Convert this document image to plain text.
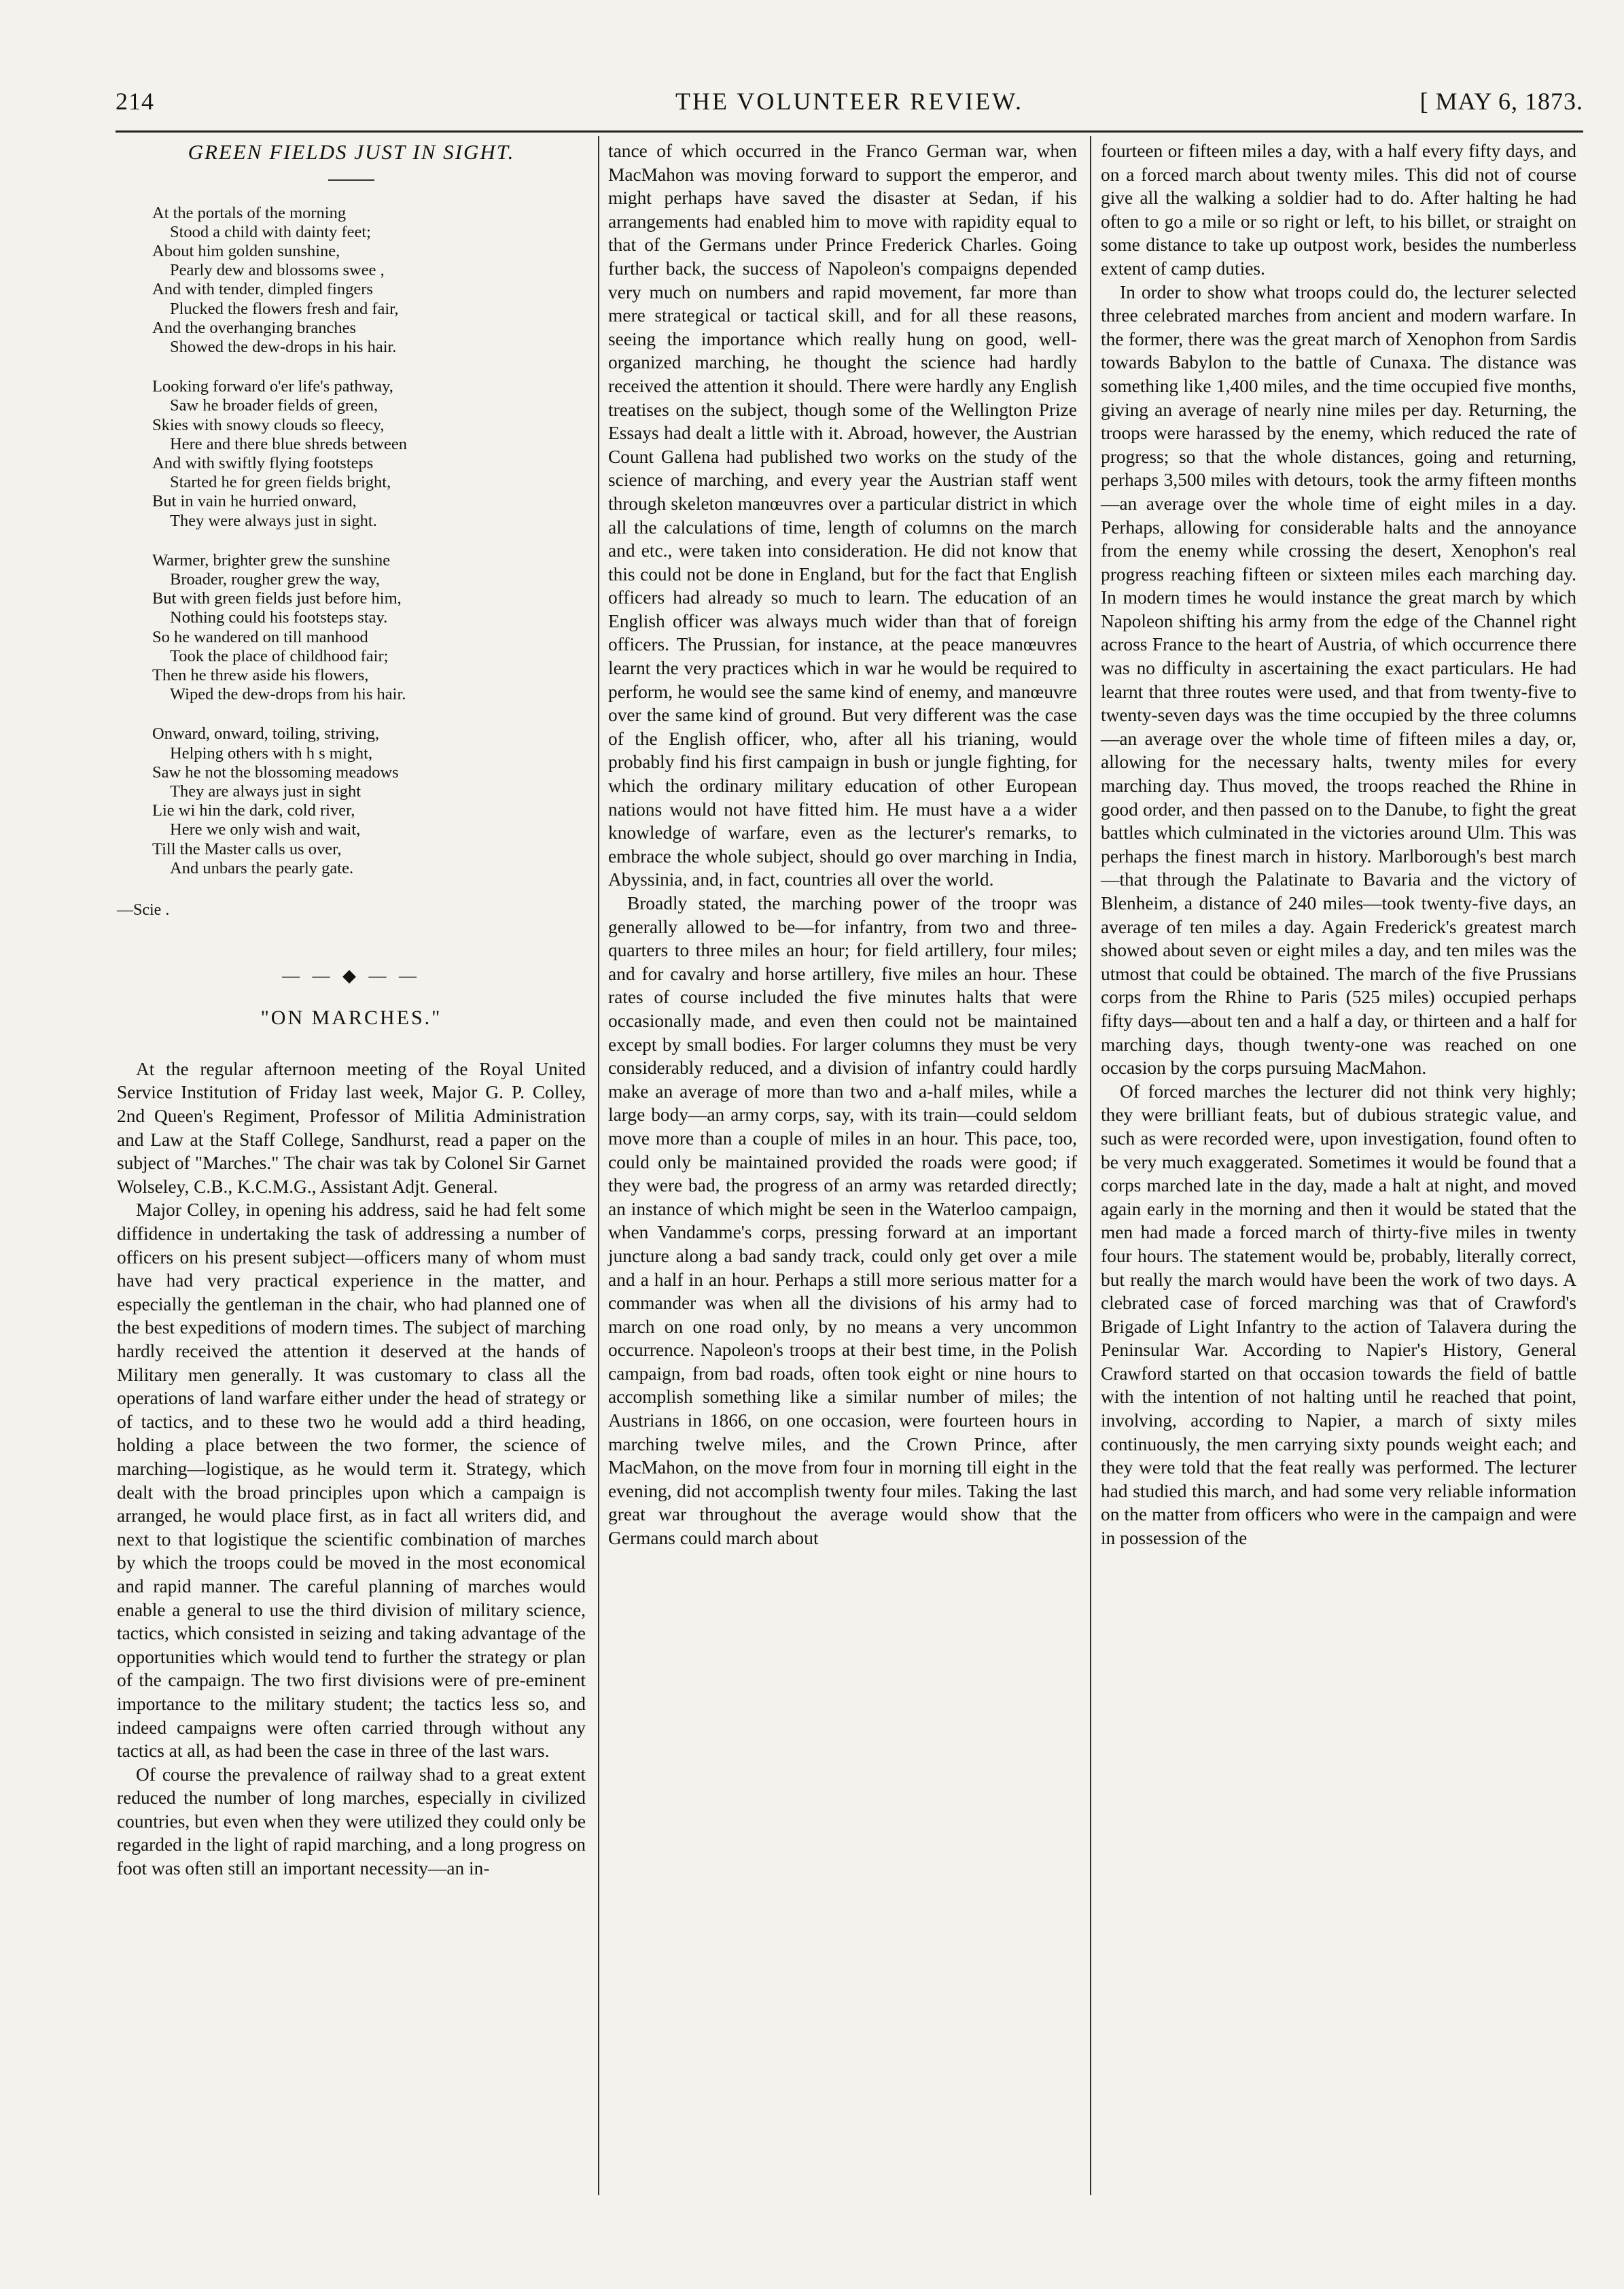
214	THE VOLUNTEER REVIEW.	[ MAY 6, 1873.
GREEN FIELDS JUST IN SIGHT.
At the portals of the morning
Stood a child with dainty feet;
About him golden sunshine,
Pearly dew and blossoms swee ,
And with tender, dimpled fingers
Plucked the flowers fresh and fair,
And the overhanging branches
Showed the dew-drops in his hair.
Looking forward o'er life's pathway,
Saw he broader fields of green,
Skies with snowy clouds so fleecy,
Here and there blue shreds between
And with swiftly flying footsteps
Started he for green fields bright,
But in vain he hurried onward,
They were always just in sight.
Warmer, brighter grew the sunshine
Broader, rougher grew the way,
But with green fields just before him,
Nothing could his footsteps stay.
So he wandered on till manhood
Took the place of childhood fair;
Then he threw aside his flowers,
Wiped the dew-drops from his hair.
Onward, onward, toiling, striving,
Helping others with h s might,
Saw he not the blossoming meadows
They are always just in sight
Lie wi hin the dark, cold river,
Here we only wish and wait,
Till the Master calls us over,
And unbars the pearly gate.

—Scie .

— — ◆ — —
"ON MARCHES."

At the regular afternoon meeting of the Royal United Service Institution of Friday last week, Major G. P. Colley, 2nd Queen's Regiment, Professor of Militia Administration and Law at the Staff College, Sandhurst, read a paper on the subject of "Marches." The chair was tak by Colonel Sir Garnet Wolseley, C.B., K.C.M.G., Assistant Adjt. General.

Major Colley, in opening his address, said he had felt some diffidence in undertaking the task of addressing a number of officers on his present subject—officers many of whom must have had very practical experience in the matter, and especially the gentleman in the chair, who had planned one of the best expeditions of modern times. The subject of marching hardly received the attention it deserved at the hands of Military men generally. It was customary to class all the operations of land warfare either under the head of strategy or of tactics, and to these two he would add a third heading, holding a place between the two former, the science of marching—logistique, as he would term it. Strategy, which dealt with the broad principles upon which a campaign is arranged, he would place first, as in fact all writers did, and next to that logistique the scientific combination of marches by which the troops could be moved in the most economical and rapid manner. The careful planning of marches would enable a general to use the third division of military science, tactics, which consisted in seizing and taking advantage of the opportunities which would tend to further the strategy or plan of the campaign. The two first divisions were of pre-eminent importance to the military student; the tactics less so, and indeed campaigns were often carried through without any tactics at all, as had been the case in three of the last wars.

Of course the prevalence of railway shad to a great extent reduced the number of long marches, especially in civilized countries, but even when they were utilized they could only be regarded in the light of rapid marching, and a long progress on foot was often still an important necessity—an in-

tance of which occurred in the Franco German war, when MacMahon was moving forward to support the emperor, and might perhaps have saved the disaster at Sedan, if his arrangements had enabled him to move with rapidity equal to that of the Germans under Prince Frederick Charles. Going further back, the success of Napoleon's compaigns depended very much on numbers and rapid movement, far more than mere strategical or tactical skill, and for all these reasons, seeing the importance which really hung on good, well-organized marching, he thought the science had hardly received the attention it should. There were hardly any English treatises on the subject, though some of the Wellington Prize Essays had dealt a little with it. Abroad, however, the Austrian Count Gallena had published two works on the study of the science of marching, and every year the Austrian staff went through skeleton manœuvres over a particular district in which all the calculations of time, length of columns on the march and etc., were taken into consideration. He did not know that this could not be done in England, but for the fact that English officers had already so much to learn. The education of an English officer was always much wider than that of foreign officers. The Prussian, for instance, at the peace manœuvres learnt the very practices which in war he would be required to perform, he would see the same kind of enemy, and manœuvre over the same kind of ground. But very different was the case of the English officer, who, after all his trianing, would probably find his first campaign in bush or jungle fighting, for which the ordinary military education of other European nations would not have fitted him. He must have a a wider knowledge of warfare, even as the lecturer's remarks, to embrace the whole subject, should go over marching in India, Abyssinia, and, in fact, countries all over the world.

Broadly stated, the marching power of the troopr was generally allowed to be—for infantry, from two and three-quarters to three miles an hour; for field artillery, four miles; and for cavalry and horse artillery, five miles an hour. These rates of course included the five minutes halts that were occasionally made, and even then could not be maintained except by small bodies. For larger columns they must be very considerably reduced, and a division of infantry could hardly make an average of more than two and a-half miles, while a large body—an army corps, say, with its train—could seldom move more than a couple of miles in an hour. This pace, too, could only be maintained provided the roads were good; if they were bad, the progress of an army was retarded directly; an instance of which might be seen in the Waterloo campaign, when Vandamme's corps, pressing forward at an important juncture along a bad sandy track, could only get over a mile and a half in an hour. Perhaps a still more serious matter for a commander was when all the divisions of his army had to march on one road only, by no means a very uncommon occurrence. Napoleon's troops at their best time, in the Polish campaign, from bad roads, often took eight or nine hours to accomplish something like a similar number of miles; the Austrians in 1866, on one occasion, were fourteen hours in marching twelve miles, and the Crown Prince, after MacMahon, on the move from four in morning till eight in the evening, did not accomplish twenty four miles. Taking the last great war throughout the average would show that the Germans could march about

fourteen or fifteen miles a day, with a half every fifty days, and on a forced march about twenty miles. This did not of course give all the walking a soldier had to do. After halting he had often to go a mile or so right or left, to his billet, or straight on some distance to take up outpost work, besides the numberless extent of camp duties.

In order to show what troops could do, the lecturer selected three celebrated marches from ancient and modern warfare. In the former, there was the great march of Xenophon from Sardis towards Babylon to the battle of Cunaxa. The distance was something like 1,400 miles, and the time occupied five months, giving an average of nearly nine miles per day. Returning, the troops were harassed by the enemy, which reduced the rate of progress; so that the whole distances, going and returning, perhaps 3,500 miles with detours, took the army fifteen months—an average over the whole time of eight miles in a day. Perhaps, allowing for considerable halts and the annoyance from the enemy while crossing the desert, Xenophon's real progress reaching fifteen or sixteen miles each marching day. In modern times he would instance the great march by which Napoleon shifting his army from the edge of the Channel right across France to the heart of Austria, of which occurrence there was no difficulty in ascertaining the exact particulars. He had learnt that three routes were used, and that from twenty-five to twenty-seven days was the time occupied by the three columns—an average over the whole time of fifteen miles a day, or, allowing for the necessary halts, twenty miles for every marching day. Thus moved, the troops reached the Rhine in good order, and then passed on to the Danube, to fight the great battles which culminated in the victories around Ulm. This was perhaps the finest march in history. Marlborough's best march—that through the Palatinate to Bavaria and the victory of Blenheim, a distance of 240 miles—took twenty-five days, an average of ten miles a day. Again Frederick's greatest march showed about seven or eight miles a day, and ten miles was the utmost that could be obtained. The march of the five Prussians corps from the Rhine to Paris (525 miles) occupied perhaps fifty days—about ten and a half a day, or thirteen and a half for marching days, though twenty-one was reached on one occasion by the corps pursuing MacMahon.

Of forced marches the lecturer did not think very highly; they were brilliant feats, but of dubious strategic value, and such as were recorded were, upon investigation, found often to be very much exaggerated. Sometimes it would be found that a corps marched late in the day, made a halt at night, and moved again early in the morning and then it would be stated that the men had made a forced march of thirty-five miles in twenty four hours. The statement would be, probably, literally correct, but really the march would have been the work of two days. A clebrated case of forced marching was that of Crawford's Brigade of Light Infantry to the action of Talavera during the Peninsular War. According to Napier's History, General Crawford started on that occasion towards the field of battle with the intention of not halting until he reached that point, involving, according to Napier, a march of sixty miles continuously, the men carrying sixty pounds weight each; and they were told that the feat really was performed. The lecturer had studied this march, and had some very reliable information on the matter from officers who were in the campaign and were in possession of the
